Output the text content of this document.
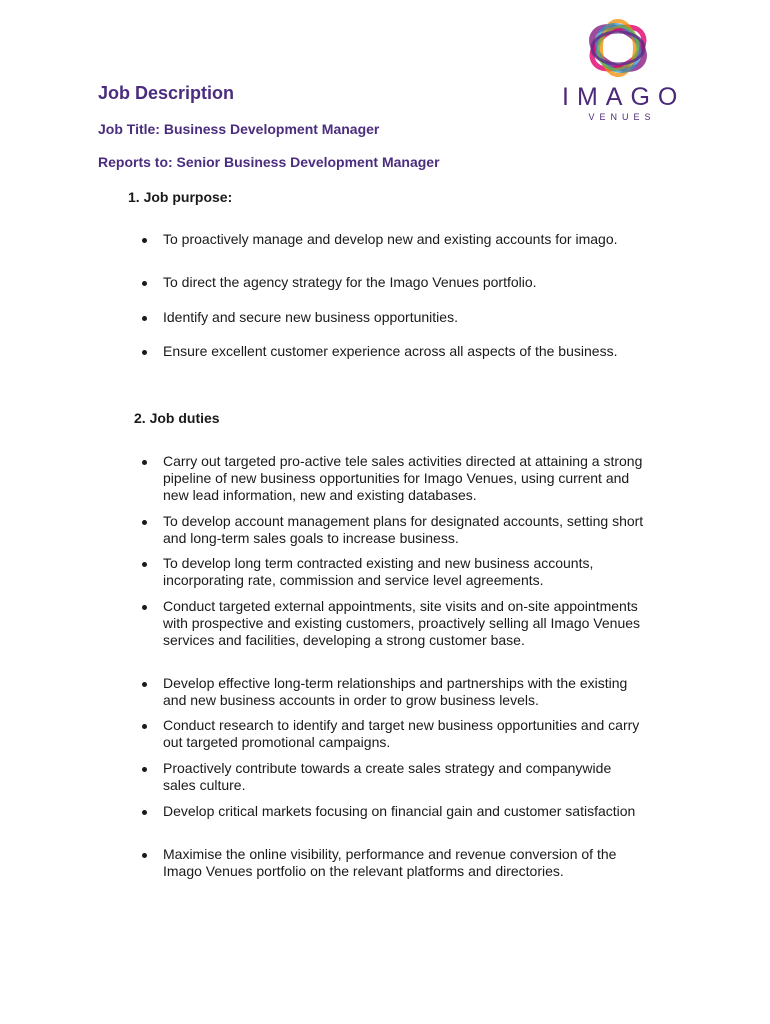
IMAGO
VENUES
Job Description

Job Title: Business Development Manager

Reports to: Senior Business Development Manager

1. Job purpose:
To proactively manage and develop new and existing accounts for imago.
To direct the agency strategy for the Imago Venues portfolio.
Identify and secure new business opportunities.
Ensure excellent customer experience across all aspects of the business.
2. Job duties
Carry out targeted pro-active tele sales activities directed at attaining a strong pipeline of new business opportunities for Imago Venues, using current and new lead information, new and existing databases.
To develop account management plans for designated accounts, setting short and long-term sales goals to increase business.
To develop long term contracted existing and new business accounts, incorporating rate, commission and service level agreements.
Conduct targeted external appointments, site visits and on-site appointments with prospective and existing customers, proactively selling all Imago Venues services and facilities, developing a strong customer base.
Develop effective long-term relationships and partnerships with the existing and new business accounts in order to grow business levels.
Conduct research to identify and target new business opportunities and carry out targeted promotional campaigns.
Proactively contribute towards a create sales strategy and companywide sales culture.
Develop critical markets focusing on financial gain and customer satisfaction
Maximise the online visibility, performance and revenue conversion of the Imago Venues portfolio on the relevant platforms and directories.
